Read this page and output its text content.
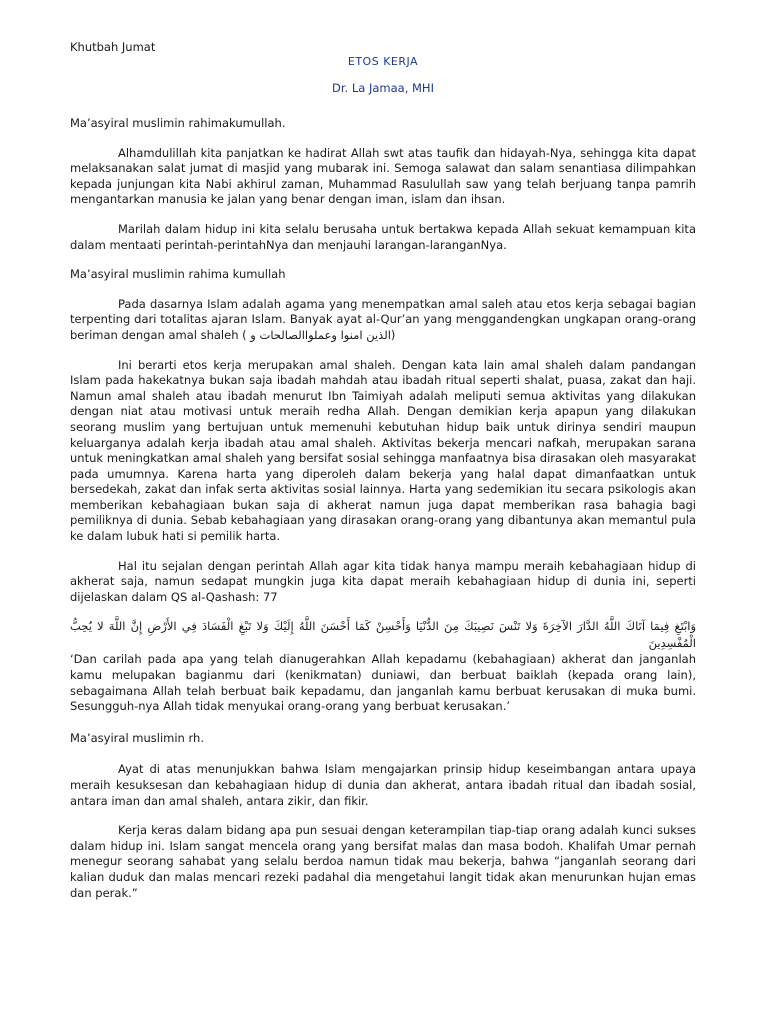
Khutbah Jumat
ETOS KERJA
Dr. La Jamaa, MHI

Ma’asyiral muslimin rahimakumullah.

Alhamdulillah kita panjatkan ke hadirat Allah swt atas taufik dan hidayah-Nya, sehingga kita dapat melaksanakan salat jumat di masjid yang mubarak ini. Semoga salawat dan salam senantiasa dilimpahkan kepada junjungan kita Nabi akhirul zaman, Muhammad Rasulullah saw yang telah berjuang tanpa pamrih mengantarkan manusia ke jalan yang benar dengan iman, islam dan ihsan.

Marilah dalam hidup ini kita selalu berusaha untuk bertakwa kepada Allah sekuat kemampuan kita dalam mentaati perintah-perintahNya dan menjauhi larangan-laranganNya.

Ma’asyiral muslimin rahima kumullah

Pada dasarnya Islam adalah agama yang menempatkan amal saleh atau etos kerja sebagai bagian terpenting dari totalitas ajaran Islam. Banyak ayat al-Qur’an yang menggandengkan ungkapan orang-orang beriman dengan amal shaleh ( الذين امنوا وعملواالصالحات و)

Ini berarti etos kerja merupakan amal shaleh. Dengan kata lain amal shaleh dalam pandangan Islam pada hakekatnya bukan saja ibadah mahdah atau ibadah ritual seperti shalat, puasa, zakat dan haji. Namun amal shaleh atau ibadah menurut Ibn Taimiyah adalah meliputi semua aktivitas yang dilakukan dengan niat atau motivasi untuk meraih redha Allah. Dengan demikian kerja apapun yang dilakukan seorang muslim yang bertujuan untuk memenuhi kebutuhan hidup baik untuk dirinya sendiri maupun keluarganya adalah kerja ibadah atau amal shaleh. Aktivitas bekerja mencari nafkah, merupakan sarana untuk meningkatkan amal shaleh yang bersifat sosial sehingga manfaatnya bisa dirasakan oleh masyarakat pada umumnya. Karena harta yang diperoleh dalam bekerja yang halal dapat dimanfaatkan untuk bersedekah, zakat dan infak serta aktivitas sosial lainnya. Harta yang sedemikian itu secara psikologis akan memberikan kebahagiaan bukan saja di akherat namun juga dapat memberikan rasa bahagia bagi pemiliknya di dunia. Sebab kebahagiaan yang dirasakan orang-orang yang dibantunya akan memantul pula ke dalam lubuk hati si pemilik harta.

Hal itu sejalan dengan perintah Allah agar kita tidak hanya mampu meraih kebahagiaan hidup di akherat saja, namun sedapat mungkin juga kita dapat meraih kebahagiaan hidup di dunia ini, seperti dijelaskan dalam QS al-Qashash: 77

وَابْتَغِ فِيمَا آتَاكَ اللَّهُ الدَّارَ الآخِرَةَ وَلا تَنْسَ نَصِيبَكَ مِنَ الدُّنْيَا وَأَحْسِنْ كَمَا أَحْسَنَ اللَّهُ إِلَيْكَ وَلا تَبْغِ الْفَسَادَ فِي الأَرْضِ إِنَّ اللَّهَ لا يُحِبُّ الْمُفْسِدِينَ

‘Dan carilah pada apa yang telah dianugerahkan Allah kepadamu (kebahagiaan) akherat dan janganlah kamu melupakan bagianmu dari (kenikmatan) duniawi, dan berbuat baiklah (kepada orang lain), sebagaimana Allah telah berbuat baik kepadamu, dan janganlah kamu berbuat kerusakan di muka bumi. Sesungguh-nya Allah tidak menyukai orang-orang yang berbuat kerusakan.’

Ma’asyiral muslimin rh.

Ayat di atas menunjukkan bahwa Islam mengajarkan prinsip hidup keseimbangan antara upaya meraih kesuksesan dan kebahagiaan hidup di dunia dan akherat, antara ibadah ritual dan ibadah sosial, antara iman dan amal shaleh, antara zikir, dan fikir.

Kerja keras dalam bidang apa pun sesuai dengan keterampilan tiap-tiap orang adalah kunci sukses dalam hidup ini. Islam sangat mencela orang yang bersifat malas dan masa bodoh. Khalifah Umar pernah menegur seorang sahabat yang selalu berdoa namun tidak mau bekerja, bahwa “janganlah seorang dari kalian duduk dan malas mencari rezeki padahal dia mengetahui langit tidak akan menurunkan hujan emas dan perak.”
